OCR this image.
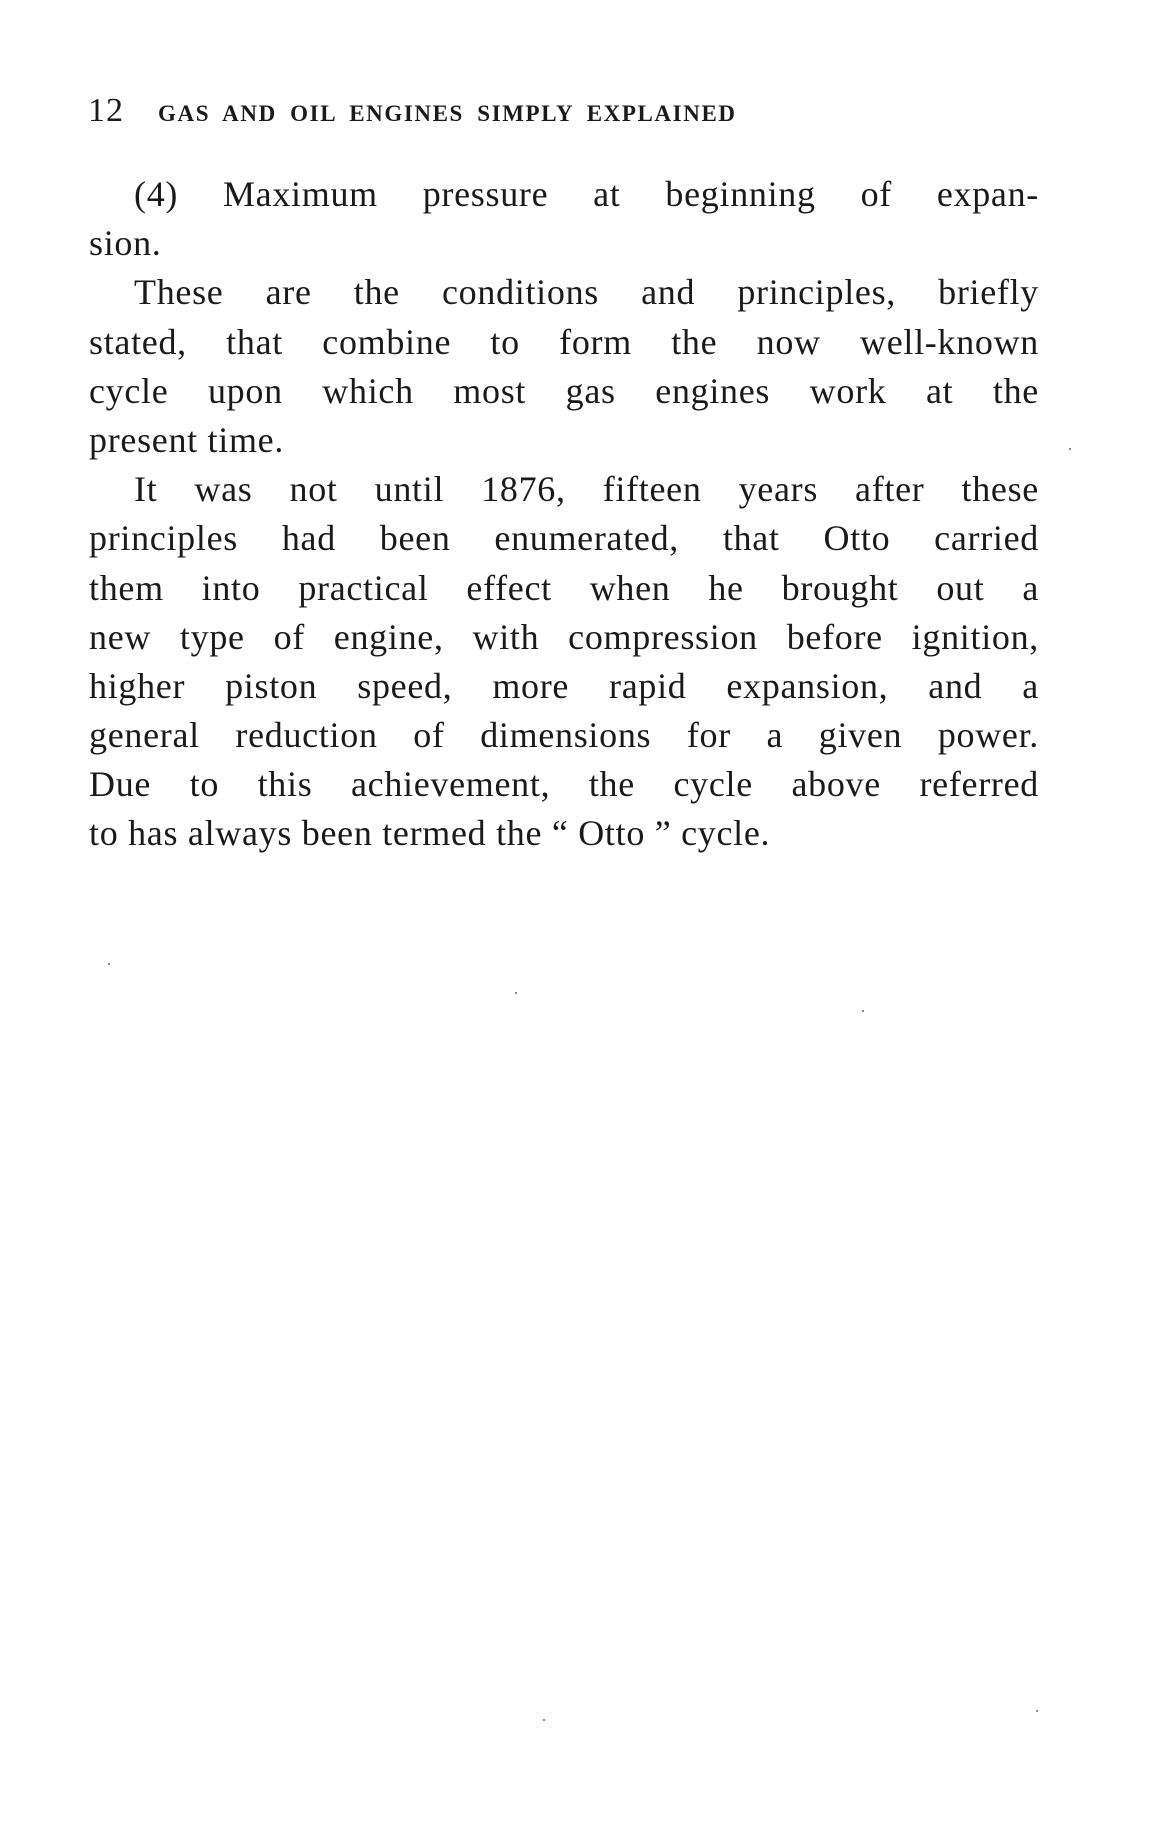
12 GAS AND OIL ENGINES SIMPLY EXPLAINED
(4) Maximum pressure at beginning of expan-
sion.
These are the conditions and principles, briefly
stated, that combine to form the now well-known
cycle upon which most gas engines work at the
present time.
It was not until 1876, fifteen years after these
principles had been enumerated, that Otto carried
them into practical effect when he brought out a
new type of engine, with compression before ignition,
higher piston speed, more rapid expansion, and a
general reduction of dimensions for a given power.
Due to this achievement, the cycle above referred
to has always been termed the “ Otto ” cycle.
